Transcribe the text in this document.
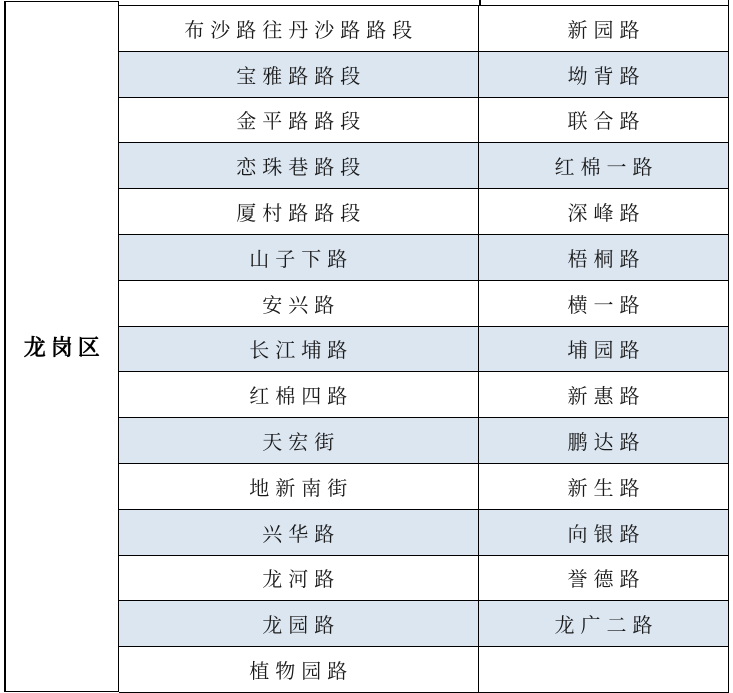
龙岗区
布沙路往丹沙路路段	新园路
宝雅路路段	坳背路
金平路路段	联合路
恋珠巷路段	红棉一路
厦村路路段	深峰路
山子下路	梧桐路
安兴路	横一路
长江埔路	埔园路
红棉四路	新惠路
天宏街	鹏达路
地新南街	新生路
兴华路	向银路
龙河路	誉德路
龙园路	龙广二路
植物园路
